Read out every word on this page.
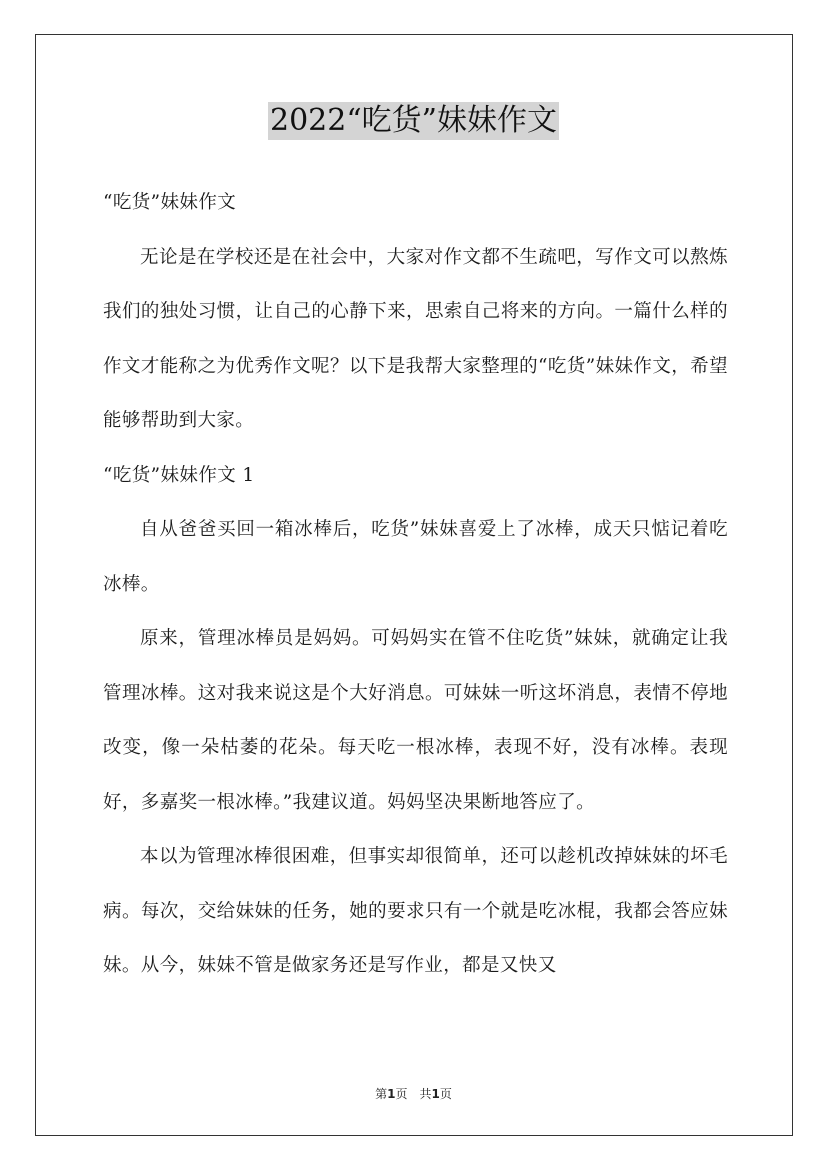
2022“吃货”妹妹作文

“吃货”妹妹作文

无论是在学校还是在社会中，大家对作文都不生疏吧，写作文可以熬炼我们的独处习惯，让自己的心静下来，思索自己将来的方向。一篇什么样的作文才能称之为优秀作文呢？以下是我帮大家整理的“吃货”妹妹作文，希望能够帮助到大家。

“吃货”妹妹作文 1

自从爸爸买回一箱冰棒后，吃货”妹妹喜爱上了冰棒，成天只惦记着吃冰棒。

原来，管理冰棒员是妈妈。可妈妈实在管不住吃货”妹妹，就确定让我管理冰棒。这对我来说这是个大好消息。可妹妹一听这坏消息，表情不停地改变，像一朵枯萎的花朵。每天吃一根冰棒，表现不好，没有冰棒。表现好，多嘉奖一根冰棒。”我建议道。妈妈坚决果断地答应了。

本以为管理冰棒很困难，但事实却很简单，还可以趁机改掉妹妹的坏毛病。每次，交给妹妹的任务，她的要求只有一个就是吃冰棍，我都会答应妹妹。从今，妹妹不管是做家务还是写作业，都是又快又

第1页　共1页
